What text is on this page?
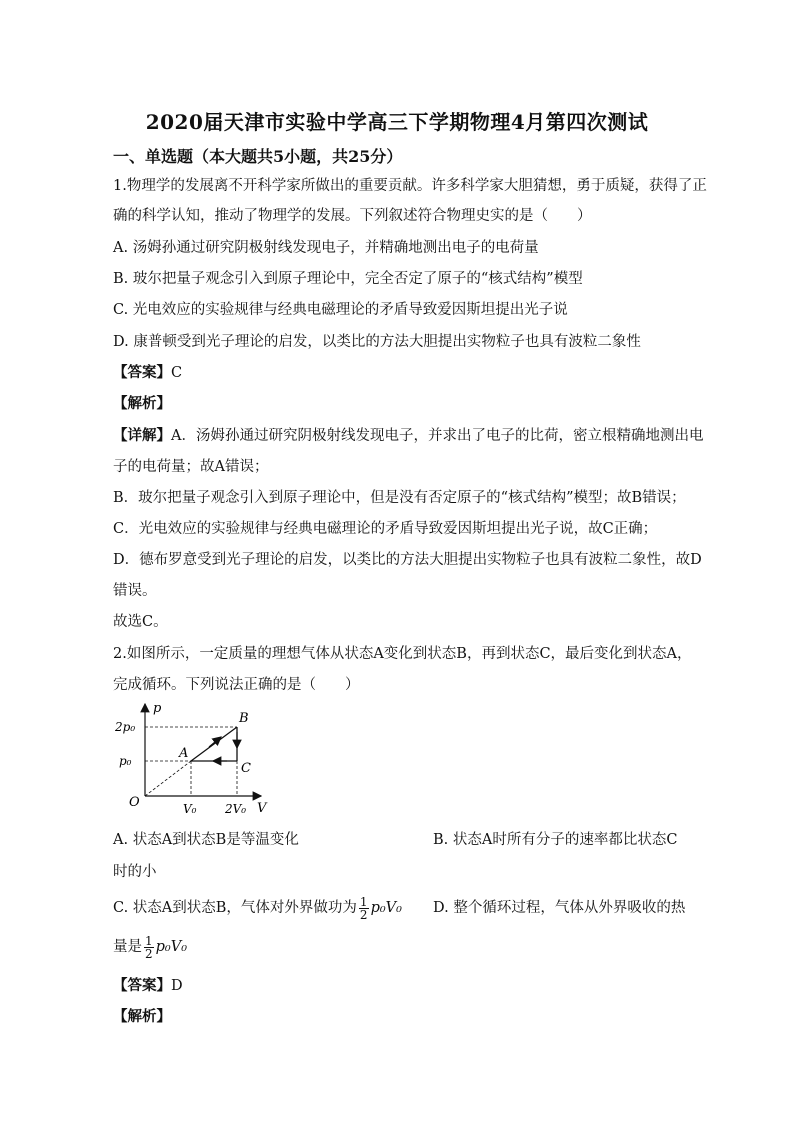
2020届天津市实验中学高三下学期物理4月第四次测试
一、单选题（本大题共5小题，共25分）
1.物理学的发展离不开科学家所做出的重要贡献。许多科学家大胆猜想，勇于质疑，获得了正
确的科学认知，推动了物理学的发展。下列叙述符合物理史实的是（　　）
A. 汤姆孙通过研究阴极射线发现电子，并精确地测出电子的电荷量
B. 玻尔把量子观念引入到原子理论中，完全否定了原子的“核式结构”模型
C. 光电效应的实验规律与经典电磁理论的矛盾导致爱因斯坦提出光子说
D. 康普顿受到光子理论的启发，以类比的方法大胆提出实物粒子也具有波粒二象性
【答案】C
【解析】
【详解】A．汤姆孙通过研究阴极射线发现电子，并求出了电子的比荷，密立根精确地测出电
子的电荷量；故A错误；
B．玻尔把量子观念引入到原子理论中，但是没有否定原子的“核式结构”模型；故B错误；
C．光电效应的实验规律与经典电磁理论的矛盾导致爱因斯坦提出光子说，故C正确；
D．德布罗意受到光子理论的启发，以类比的方法大胆提出实物粒子也具有波粒二象性，故D
错误。
故选C。
2.如图所示，一定质量的理想气体从状态A变化到状态B，再到状态C，最后变化到状态A，
完成循环。下列说法正确的是（　　）
p
V
O
2p₀
p₀
V₀ 2V₀
A
B
C
A. 状态A到状态B是等温变化	B. 状态A时所有分子的速率都比状态C
时的小
C. 状态A到状态B，气体对外界做功为 $\frac{1}{2} p_0V_0$ D. 整个循环过程，气体从外界吸收的热
量是 $\frac{1}{2} p_0V_0$
【答案】D
【解析】
